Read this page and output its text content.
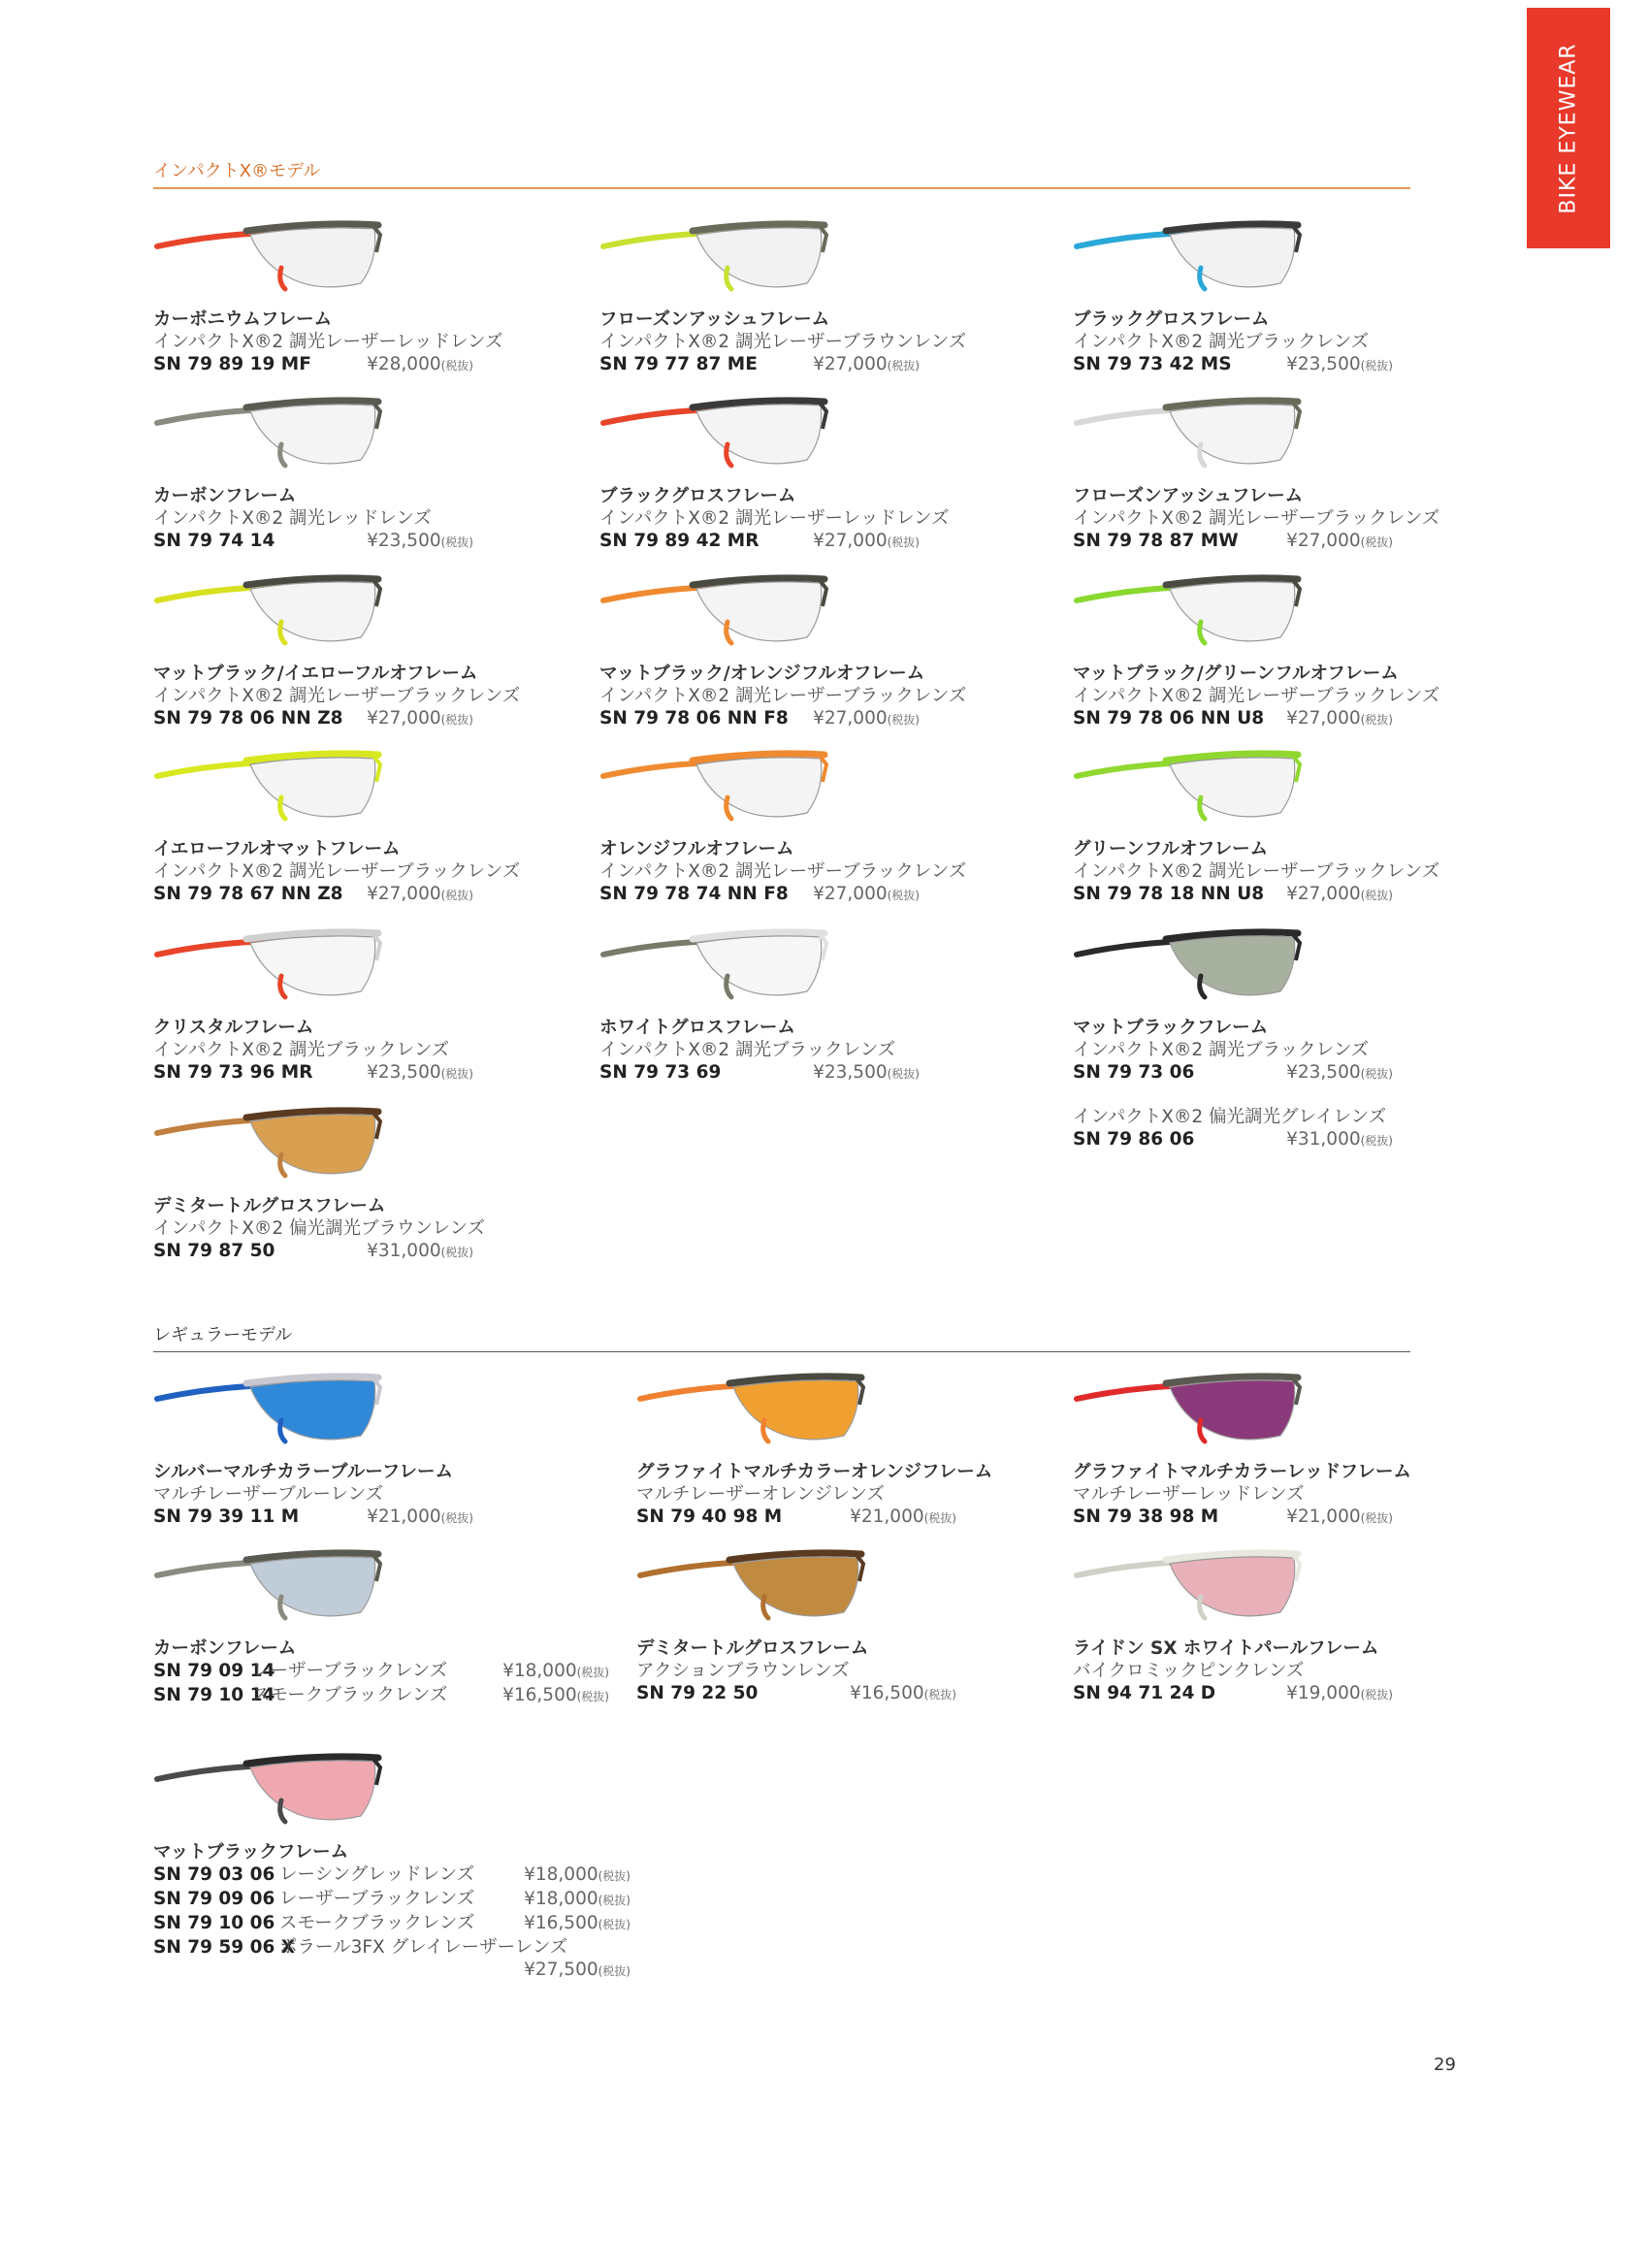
BIKE EYEWEAR
インパクトX®モデル
レギュラーモデル
カーボニウムフレーム
インパクトX®2 調光レーザーレッドレンズ
SN 79 89 19 MF	¥28,000(税抜)
フローズンアッシュフレーム
インパクトX®2 調光レーザーブラウンレンズ
SN 79 77 87 ME	¥27,000(税抜)
ブラックグロスフレーム
インパクトX®2 調光ブラックレンズ
SN 79 73 42 MS	¥23,500(税抜)
カーボンフレーム
インパクトX®2 調光レッドレンズ
SN 79 74 14	¥23,500(税抜)
ブラックグロスフレーム
インパクトX®2 調光レーザーレッドレンズ
SN 79 89 42 MR	¥27,000(税抜)
フローズンアッシュフレーム
インパクトX®2 調光レーザーブラックレンズ
SN 79 78 87 MW	¥27,000(税抜)
マットブラック/イエローフルオフレーム
インパクトX®2 調光レーザーブラックレンズ
SN 79 78 06 NN Z8 ¥27,000(税抜)
マットブラック/オレンジフルオフレーム
インパクトX®2 調光レーザーブラックレンズ
SN 79 78 06 NN F8 ¥27,000(税抜)
マットブラック/グリーンフルオフレーム
インパクトX®2 調光レーザーブラックレンズ
SN 79 78 06 NN U8 ¥27,000(税抜)
イエローフルオマットフレーム
インパクトX®2 調光レーザーブラックレンズ
SN 79 78 67 NN Z8 ¥27,000(税抜)
オレンジフルオフレーム
インパクトX®2 調光レーザーブラックレンズ
SN 79 78 74 NN F8 ¥27,000(税抜)
グリーンフルオフレーム
インパクトX®2 調光レーザーブラックレンズ
SN 79 78 18 NN U8 ¥27,000(税抜)
クリスタルフレーム
インパクトX®2 調光ブラックレンズ
SN 79 73 96 MR	¥23,500(税抜)
ホワイトグロスフレーム
インパクトX®2 調光ブラックレンズ
SN 79 73 69	¥23,500(税抜)
マットブラックフレーム
インパクトX®2 調光ブラックレンズ
SN 79 73 06	¥23,500(税抜)
インパクトX®2 偏光調光グレイレンズ
SN 79 86 06	¥31,000(税抜)
デミタートルグロスフレーム
インパクトX®2 偏光調光ブラウンレンズ
SN 79 87 50	¥31,000(税抜)
シルバーマルチカラーブルーフレーム
マルチレーザーブルーレンズ
SN 79 39 11 M	¥21,000(税抜)
グラファイトマルチカラーオレンジフレーム
マルチレーザーオレンジレンズ
SN 79 40 98 M	¥21,000(税抜)
グラファイトマルチカラーレッドフレーム
マルチレーザーレッドレンズ
SN 79 38 98 M	¥21,000(税抜)
カーボンフレーム
SN 79 09 14
レーザーブラックレンズ	¥18,000(税抜)
SN 79 10 14
スモークブラックレンズ	¥16,500(税抜)
デミタートルグロスフレーム
アクションブラウンレンズ
SN 79 22 50	¥16,500(税抜)
ライドン SX ホワイトパールフレーム
バイクロミックピンクレンズ
SN 94 71 24 D	¥19,000(税抜)
マットブラックフレーム
SN 79 03 06 レーシングレッドレンズ	¥18,000(税抜)
SN 79 09 06 レーザーブラックレンズ	¥18,000(税抜)
SN 79 10 06 スモークブラックレンズ	¥16,500(税抜)
SN 79 59 06 X
ポラール3FX グレイレーザーレンズ
¥27,500(税抜)
29
